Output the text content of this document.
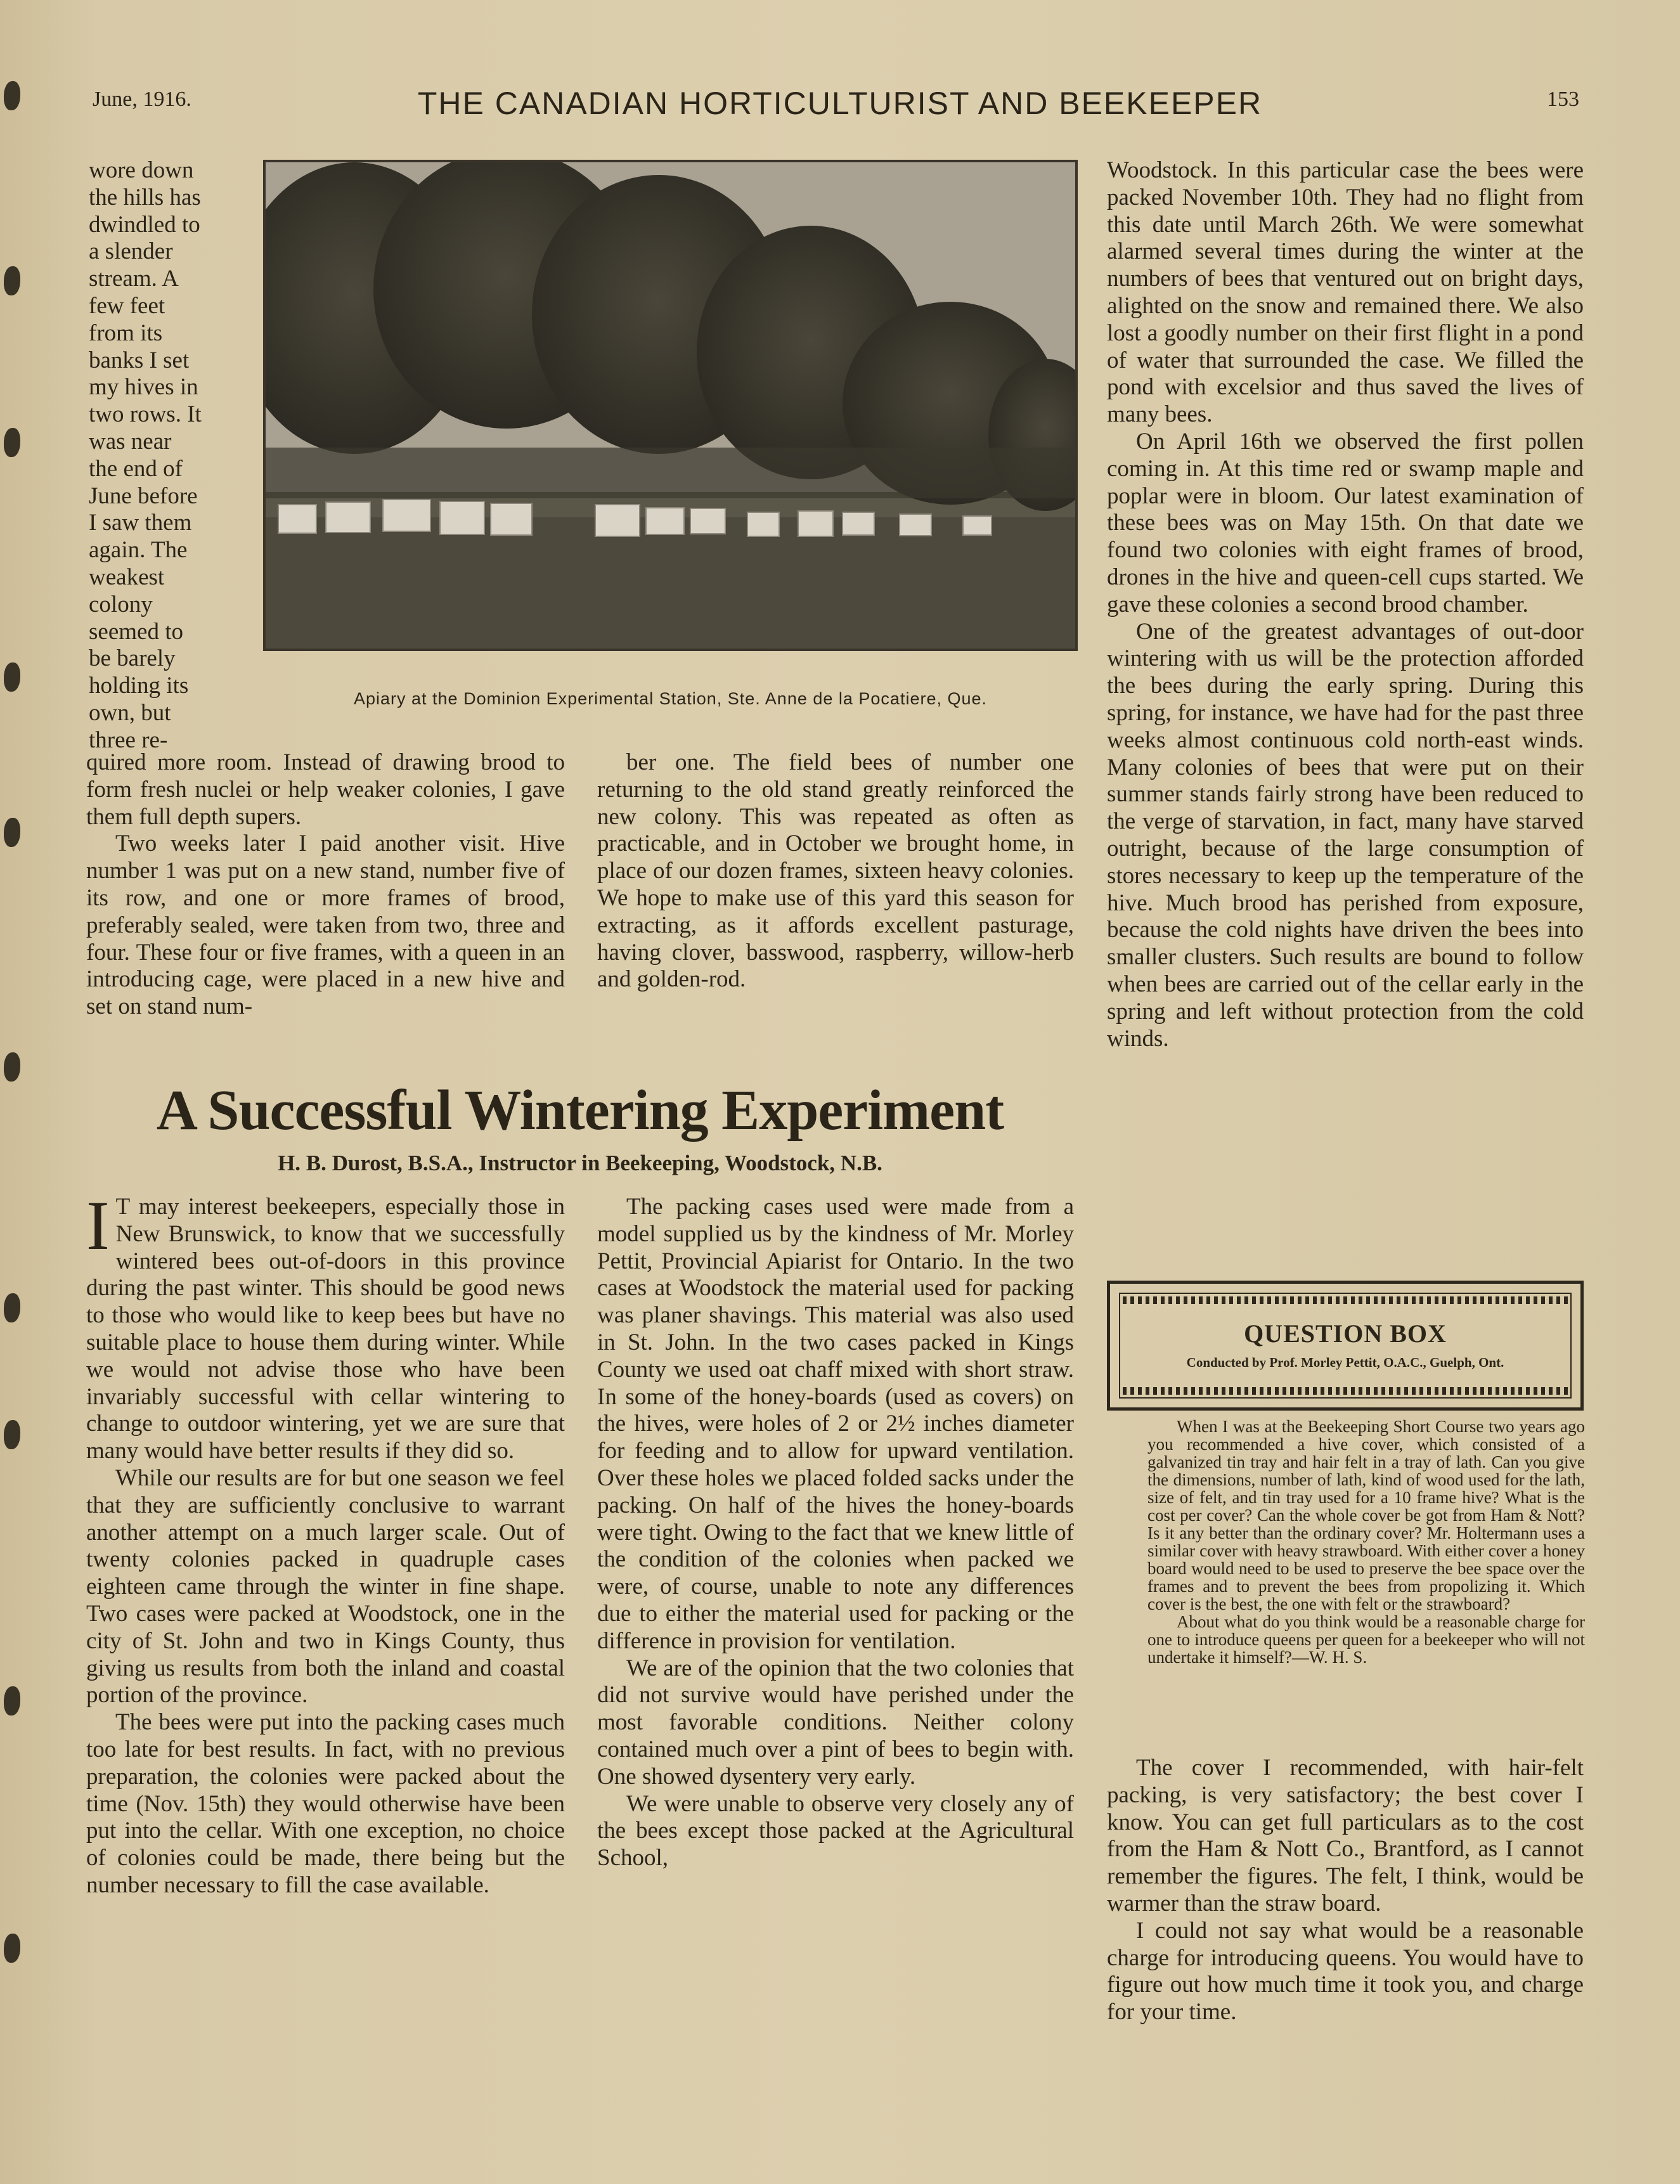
June, 1916.	THE CANADIAN HORTICULTURIST AND BEEKEEPER	153
wore down
the hills has
dwindled to
a slender
stream. A
few feet
from its
banks I set
my hives in
two rows. It
was near
the end of
June before
I saw them
again. The
weakest
colony
seemed to
be barely
holding its
own, but
three re-
Apiary at the Dominion Experimental Station, Ste. Anne de la Pocatiere, Que.

quired more room. Instead of drawing brood to form fresh nuclei or help weaker colonies, I gave them full depth supers.

Two weeks later I paid another visit. Hive number 1 was put on a new stand, number five of its row, and one or more frames of brood, preferably sealed, were taken from two, three and four. These four or five frames, with a queen in an introducing cage, were placed in a new hive and set on stand num-

ber one. The field bees of number one returning to the old stand greatly reinforced the new colony. This was repeated as often as practicable, and in October we brought home, in place of our dozen frames, sixteen heavy colonies. We hope to make use of this yard this season for extracting, as it affords excellent pasturage, having clover, basswood, raspberry, willow-herb and golden-rod.

A Successful Wintering Experiment
H. B. Durost, B.S.A., Instructor in Beekeeping, Woodstock, N.B.

I T may interest beekeepers, especially those in New Brunswick, to know that we successfully wintered bees out-of-doors in this province during the past winter. This should be good news to those who would like to keep bees but have no suitable place to house them during winter. While we would not advise those who have been invariably successful with cellar wintering to change to outdoor wintering, yet we are sure that many would have better results if they did so.

While our results are for but one season we feel that they are sufficiently conclusive to warrant another attempt on a much larger scale. Out of twenty colonies packed in quadruple cases eighteen came through the winter in fine shape. Two cases were packed at Woodstock, one in the city of St. John and two in Kings County, thus giving us results from both the inland and coastal portion of the province.

The bees were put into the packing cases much too late for best results. In fact, with no previous preparation, the colonies were packed about the time (Nov. 15th) they would otherwise have been put into the cellar. With one exception, no choice of colonies could be made, there being but the number necessary to fill the case available.

The packing cases used were made from a model supplied us by the kindness of Mr. Morley Pettit, Provincial Apiarist for Ontario. In the two cases at Woodstock the material used for packing was planer shavings. This material was also used in St. John. In the two cases packed in Kings County we used oat chaff mixed with short straw. In some of the honey-boards (used as covers) on the hives, were holes of 2 or 2½ inches diameter for feeding and to allow for upward ventilation. Over these holes we placed folded sacks under the packing. On half of the hives the honey-boards were tight. Owing to the fact that we knew little of the condition of the colonies when packed we were, of course, unable to note any differences due to either the material used for packing or the difference in provision for ventilation.

We are of the opinion that the two colonies that did not survive would have perished under the most favorable conditions. Neither colony contained much over a pint of bees to begin with. One showed dysentery very early.

We were unable to observe very closely any of the bees except those packed at the Agricultural School,

Woodstock. In this particular case the bees were packed November 10th. They had no flight from this date until March 26th. We were somewhat alarmed several times during the winter at the numbers of bees that ventured out on bright days, alighted on the snow and remained there. We also lost a goodly number on their first flight in a pond of water that surrounded the case. We filled the pond with excelsior and thus saved the lives of many bees.

On April 16th we observed the first pollen coming in. At this time red or swamp maple and poplar were in bloom. Our latest examination of these bees was on May 15th. On that date we found two colonies with eight frames of brood, drones in the hive and queen-cell cups started. We gave these colonies a second brood chamber.

One of the greatest advantages of out-door wintering with us will be the protection afforded the bees during the early spring. During this spring, for instance, we have had for the past three weeks almost continuous cold north-east winds. Many colonies of bees that were put on their summer stands fairly strong have been reduced to the verge of starvation, in fact, many have starved outright, because of the large consumption of stores necessary to keep up the temperature of the hive. Much brood has perished from exposure, because the cold nights have driven the bees into smaller clusters. Such results are bound to follow when bees are carried out of the cellar early in the spring and left without protection from the cold winds.

QUESTION BOX
Conducted by Prof. Morley Pettit, O.A.C., Guelph, Ont.

When I was at the Beekeeping Short Course two years ago you recommended a hive cover, which consisted of a galvanized tin tray and hair felt in a tray of lath. Can you give the dimensions, number of lath, kind of wood used for the lath, size of felt, and tin tray used for a 10 frame hive? What is the cost per cover? Can the whole cover be got from Ham & Nott? Is it any better than the ordinary cover? Mr. Holtermann uses a similar cover with heavy strawboard. With either cover a honey board would need to be used to preserve the bee space over the frames and to prevent the bees from propolizing it. Which cover is the best, the one with felt or the strawboard?

About what do you think would be a reasonable charge for one to introduce queens per queen for a beekeeper who will not undertake it himself?—W. H. S.

The cover I recommended, with hair-felt packing, is very satisfactory; the best cover I know. You can get full particulars as to the cost from the Ham & Nott Co., Brantford, as I cannot remember the figures. The felt, I think, would be warmer than the straw board.

I could not say what would be a reasonable charge for introducing queens. You would have to figure out how much time it took you, and charge for your time.
